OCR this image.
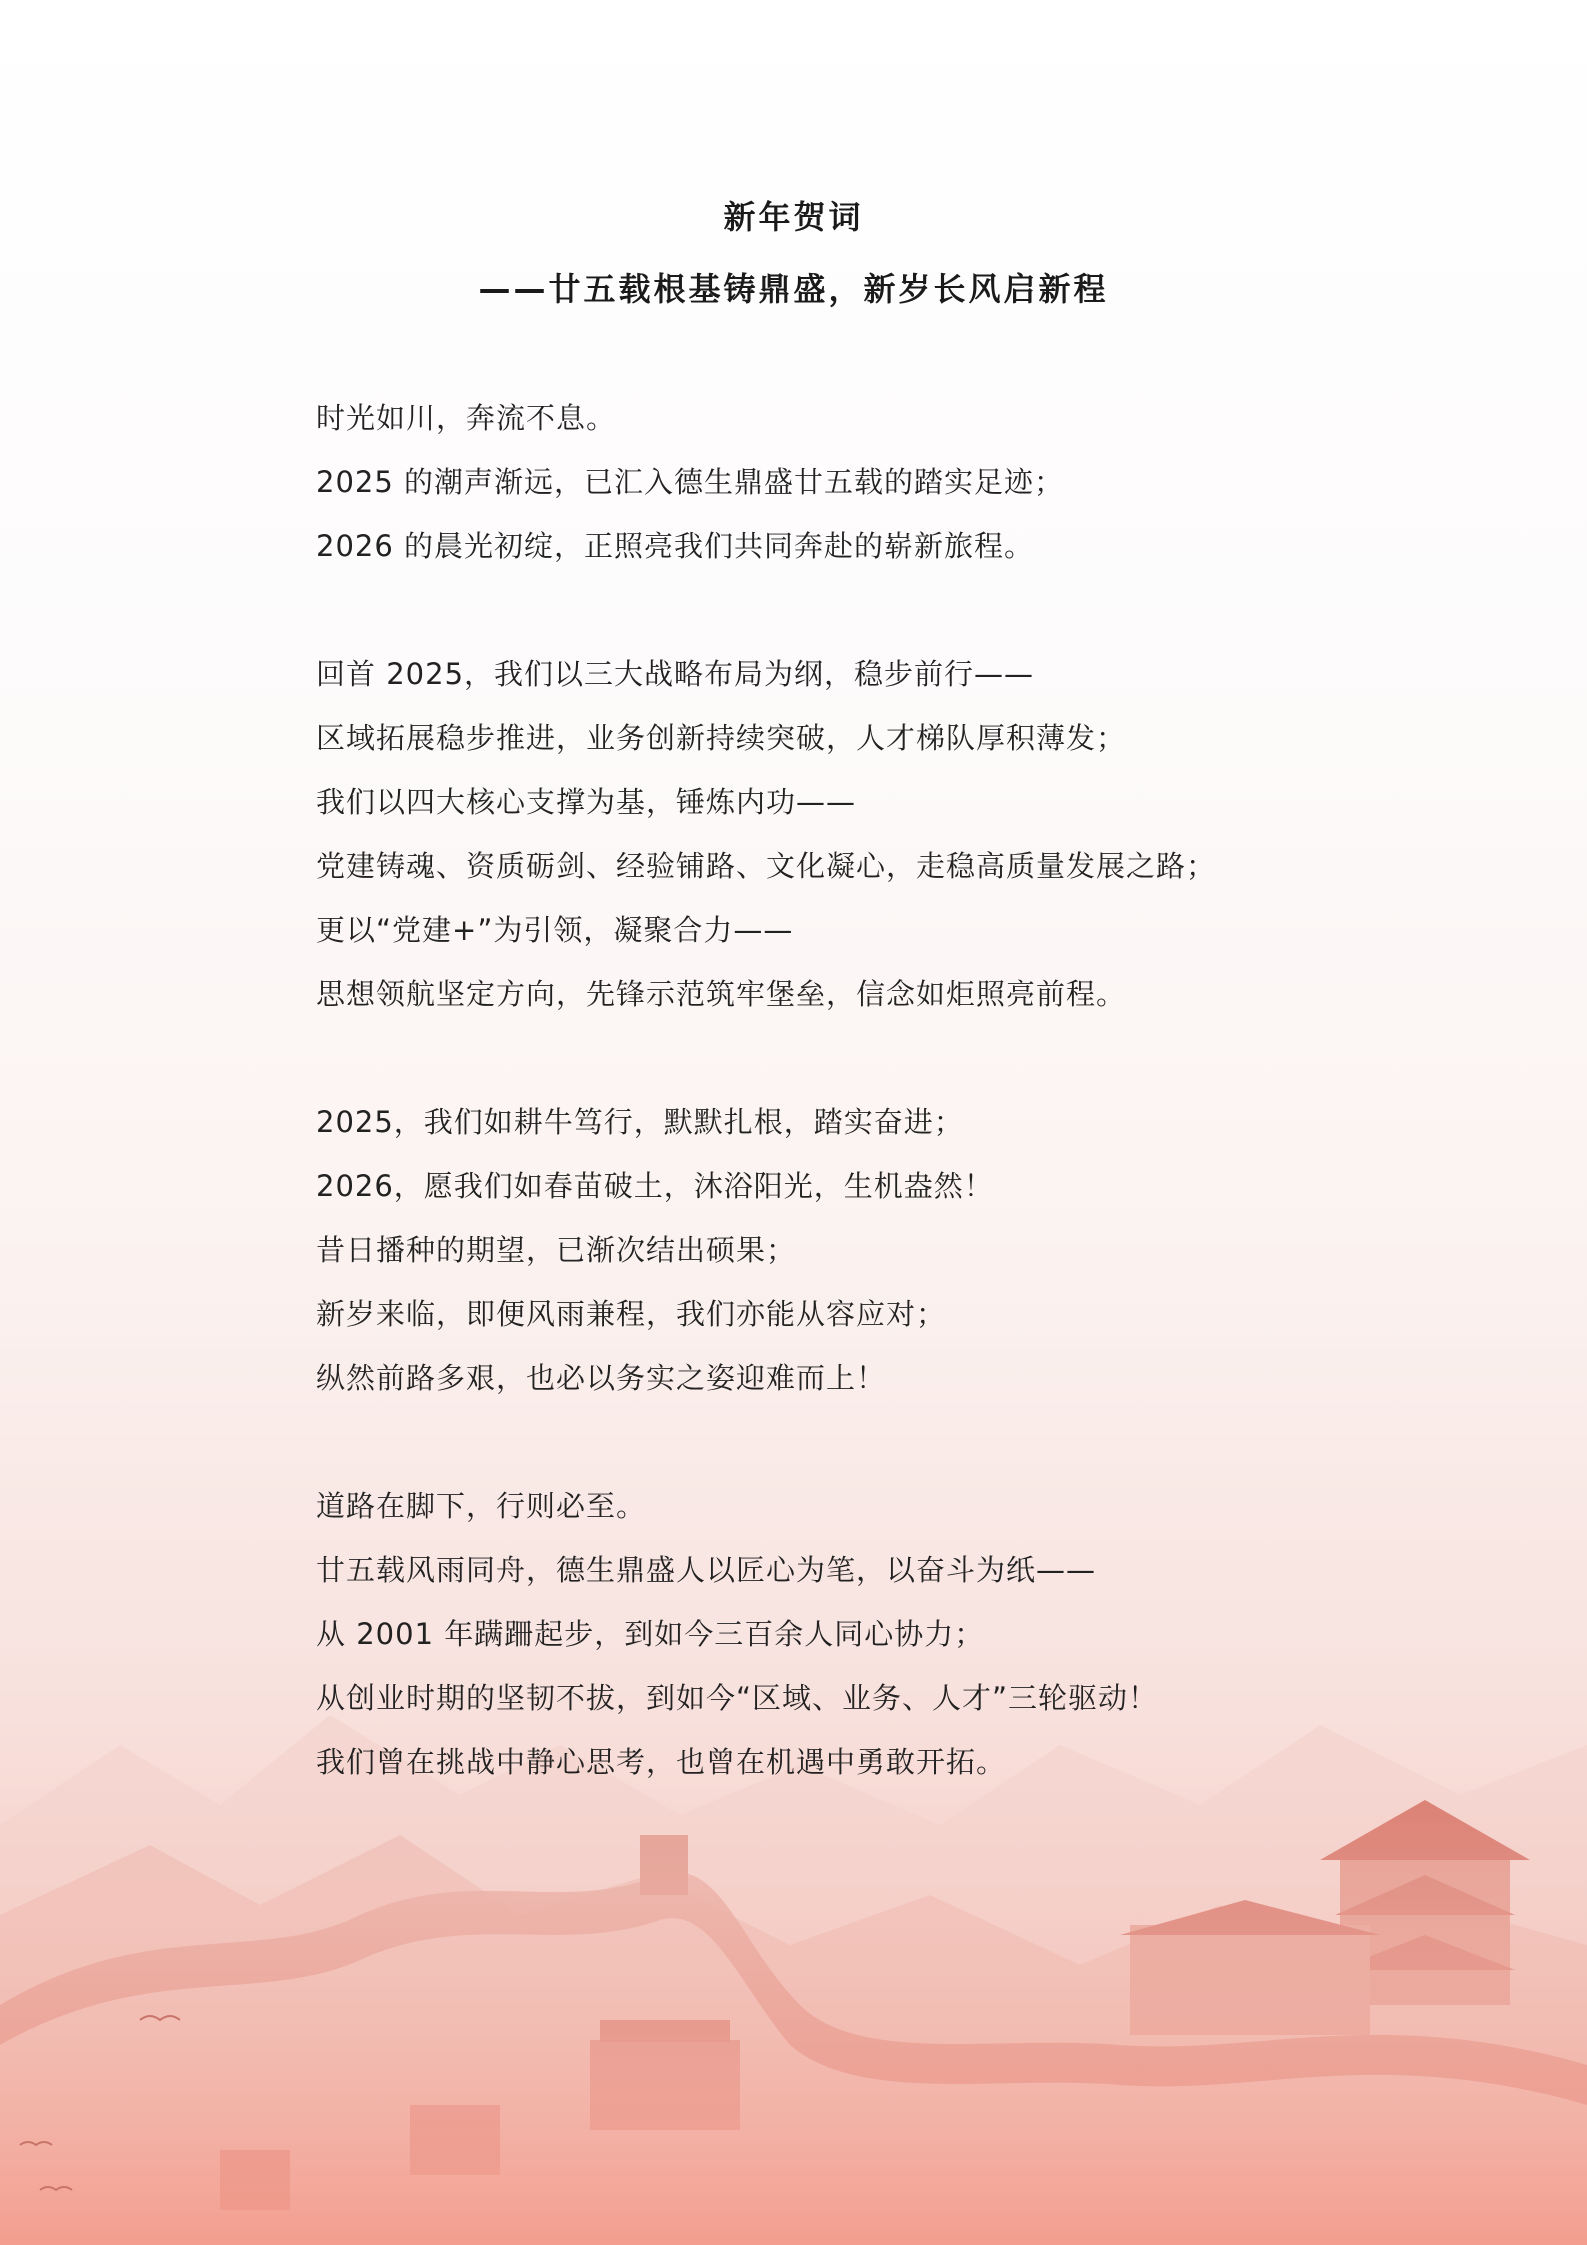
新年贺词
——廿五载根基铸鼎盛，新岁长风启新程

时光如川，奔流不息。

2025 的潮声渐远，已汇入德生鼎盛廿五载的踏实足迹；

2026 的晨光初绽，正照亮我们共同奔赴的崭新旅程。

回首 2025，我们以三大战略布局为纲，稳步前行——

区域拓展稳步推进，业务创新持续突破，人才梯队厚积薄发；

我们以四大核心支撑为基，锤炼内功——

党建铸魂、资质砺剑、经验铺路、文化凝心，走稳高质量发展之路；

更以“党建+”为引领，凝聚合力——

思想领航坚定方向，先锋示范筑牢堡垒，信念如炬照亮前程。

2025，我们如耕牛笃行，默默扎根，踏实奋进；

2026，愿我们如春苗破土，沐浴阳光，生机盎然！

昔日播种的期望，已渐次结出硕果；

新岁来临，即便风雨兼程，我们亦能从容应对；

纵然前路多艰，也必以务实之姿迎难而上！

道路在脚下，行则必至。

廿五载风雨同舟，德生鼎盛人以匠心为笔，以奋斗为纸——

从 2001 年蹒跚起步，到如今三百余人同心协力；

从创业时期的坚韧不拔，到如今“区域、业务、人才”三轮驱动！

我们曾在挑战中静心思考，也曾在机遇中勇敢开拓。
